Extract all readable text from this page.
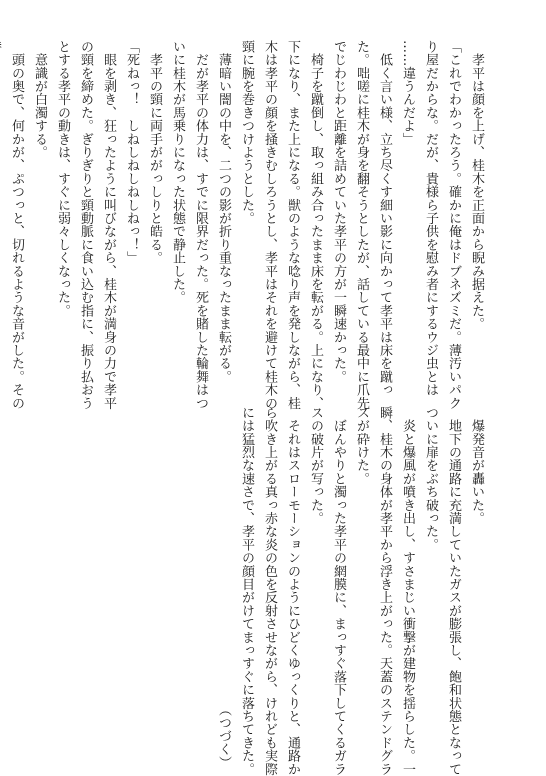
　孝平は顔を上げ、桂木を正面から睨み据えた。
「これでわかったろう。確かに俺はドブネズミだ。薄汚いパク
り屋だからな。だが、貴様ら子供を慰み者にするウジ虫とは
……違うんだよ」
　低く言い様、立ち尽くす細い影に向かって孝平は床を蹴っ
た。咄嗟に桂木が身を翻そうとしたが、話している最中に爪先
でじわじわと距離を詰めていた孝平の方が一瞬速かった。
　椅子を蹴倒し、取っ組み合ったまま床を転がる。上になり、
下になり、また上になる。獣のような唸り声を発しながら、桂
木は孝平の顔を掻きむしろうとし、孝平はそれを避けて桂木の
頸に腕を巻きつけようとした。
　薄暗い闇の中を、二つの影が折り重なったまま転がる。
　だが孝平の体力は、すでに限界だった。死を賭した輪舞はつ
いに桂木が馬乗りになった状態で静止した。
　孝平の頸に両手ががっしりと皓る。
「死ねっ！　しねしねしねしねっ！」
　眼を剥き、狂ったように叫びながら、桂木が満身の力で孝平
の頸を締めた。ぎりぎりと頸動脈に食い込む指に、振り払おう
とする孝平の動きは、すぐに弱々しくなった。
　意識が白濁する。
　頭の奥で、何かが、ぷつっと、切れるような音がした。その
　爆発音が轟いた。
　地下の通路に充満していたガスが膨張し、飽和状態となって
ついに扉をぶち破った。
　炎と爆風が噴き出し、すさまじい衝撃が建物を揺らした。一
瞬、桂木の身体が孝平から浮き上がった。天蓋のステンドグラ
スが砕けた。
　ぼんやりと濁った孝平の網膜に、まっすぐ落下してくるガラ
スの破片が写った。
　それはスローモーションのようにひどくゆっくりと、通路か
ら吹き上がる真っ赤な炎の色を反射させながら、けれども実際
には猛烈な速さで、孝平の顔目がけてまっすぐに落ちてきた。
　　　　　　　　　　　　　　　　　　　　　　　（つづく）
